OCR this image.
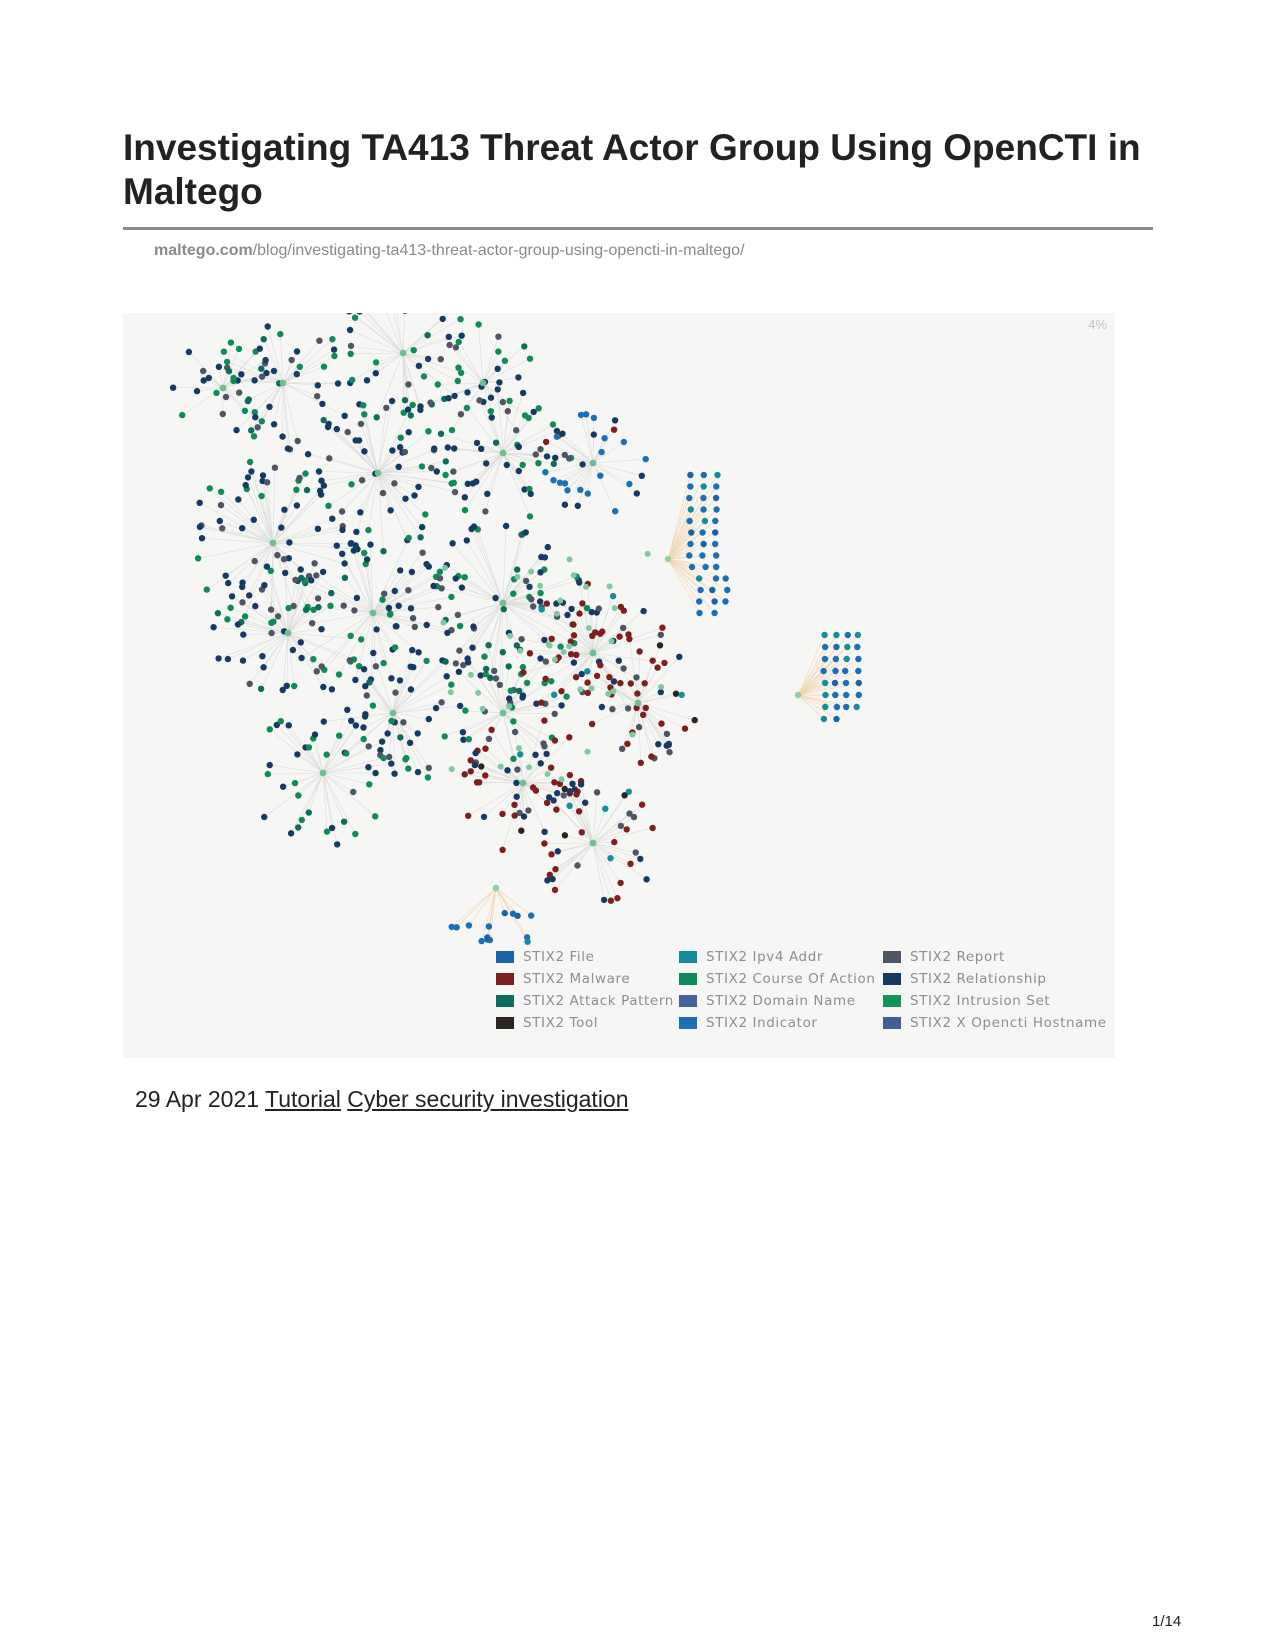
Investigating TA413 Threat Actor Group Using OpenCTI in Maltego
maltego.com/blog/investigating-ta413-threat-actor-group-using-opencti-in-maltego/
4%
STIX2 File	STIX2 Ipv4 Addr	STIX2 Report
STIX2 Malware	STIX2 Course Of Action	STIX2 Relationship
STIX2 Attack Pattern STIX2 Domain Name	STIX2 Intrusion Set
STIX2 Tool	STIX2 Indicator	STIX2 X Opencti Hostname
29 Apr 2021 Tutorial Cyber security investigation
1/14
